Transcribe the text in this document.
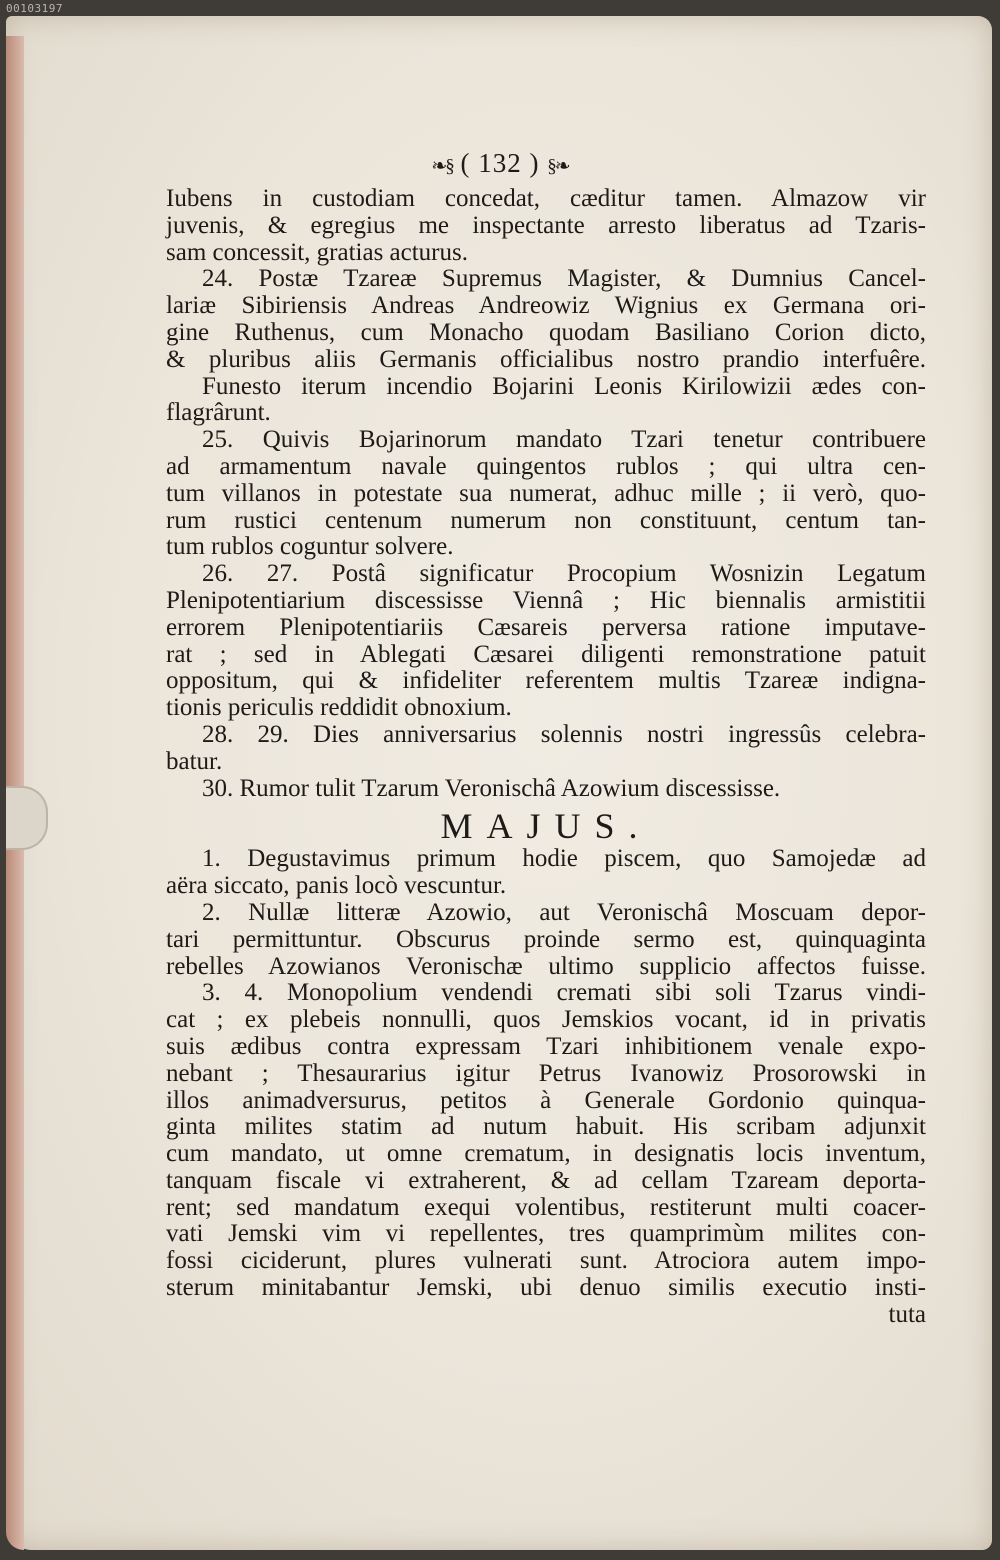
00103197
❧§ ( 132 ) §❧
Iubens in custodiam concedat, cæditur tamen. Almazow vir
juvenis, & egregius me inspectante arresto liberatus ad Tzaris-
sam concessit, gratias acturus.
24. Postæ Tzareæ Supremus Magister, & Dumnius Cancel-
lariæ Sibiriensis Andreas Andreowiz Wignius ex Germana ori-
gine Ruthenus, cum Monacho quodam Basiliano Corion dicto,
& pluribus aliis Germanis officialibus nostro prandio interfuêre.
Funesto iterum incendio Bojarini Leonis Kirilowizii ædes con-
flagrârunt.
25. Quivis Bojarinorum mandato Tzari tenetur contribuere
ad armamentum navale quingentos rublos ; qui ultra cen-
tum villanos in potestate sua numerat, adhuc mille ; ii verò, quo-
rum rustici centenum numerum non constituunt, centum tan-
tum rublos coguntur solvere.
26. 27. Postâ significatur Procopium Wosnizin Legatum
Plenipotentiarium discessisse Viennâ ; Hic biennalis armistitii
errorem Plenipotentiariis Cæsareis perversa ratione imputave-
rat ; sed in Ablegati Cæsarei diligenti remonstratione patuit
oppositum, qui & infideliter referentem multis Tzareæ indigna-
tionis periculis reddidit obnoxium.
28. 29. Dies anniversarius solennis nostri ingressûs celebra-
batur.
30. Rumor tulit Tzarum Veronischâ Azowium discessisse.
MAJUS.
1. Degustavimus primum hodie piscem, quo Samojedæ ad
aëra siccato, panis locò vescuntur.
2. Nullæ litteræ Azowio, aut Veronischâ Moscuam depor-
tari permittuntur. Obscurus proinde sermo est, quinquaginta
rebelles Azowianos Veronischæ ultimo supplicio affectos fuisse.
3. 4. Monopolium vendendi cremati sibi soli Tzarus vindi-
cat ; ex plebeis nonnulli, quos Jemskios vocant, id in privatis
suis ædibus contra expressam Tzari inhibitionem venale expo-
nebant ; Thesaurarius igitur Petrus Ivanowiz Prosorowski in
illos animadversurus, petitos à Generale Gordonio quinqua-
ginta milites statim ad nutum habuit. His scribam adjunxit
cum mandato, ut omne crematum, in designatis locis inventum,
tanquam fiscale vi extraherent, & ad cellam Tzaream deporta-
rent; sed mandatum exequi volentibus, restiterunt multi coacer-
vati Jemski vim vi repellentes, tres quamprimùm milites con-
fossi ciciderunt, plures vulnerati sunt. Atrociora autem impo-
sterum minitabantur Jemski, ubi denuo similis executio insti-
tuta
